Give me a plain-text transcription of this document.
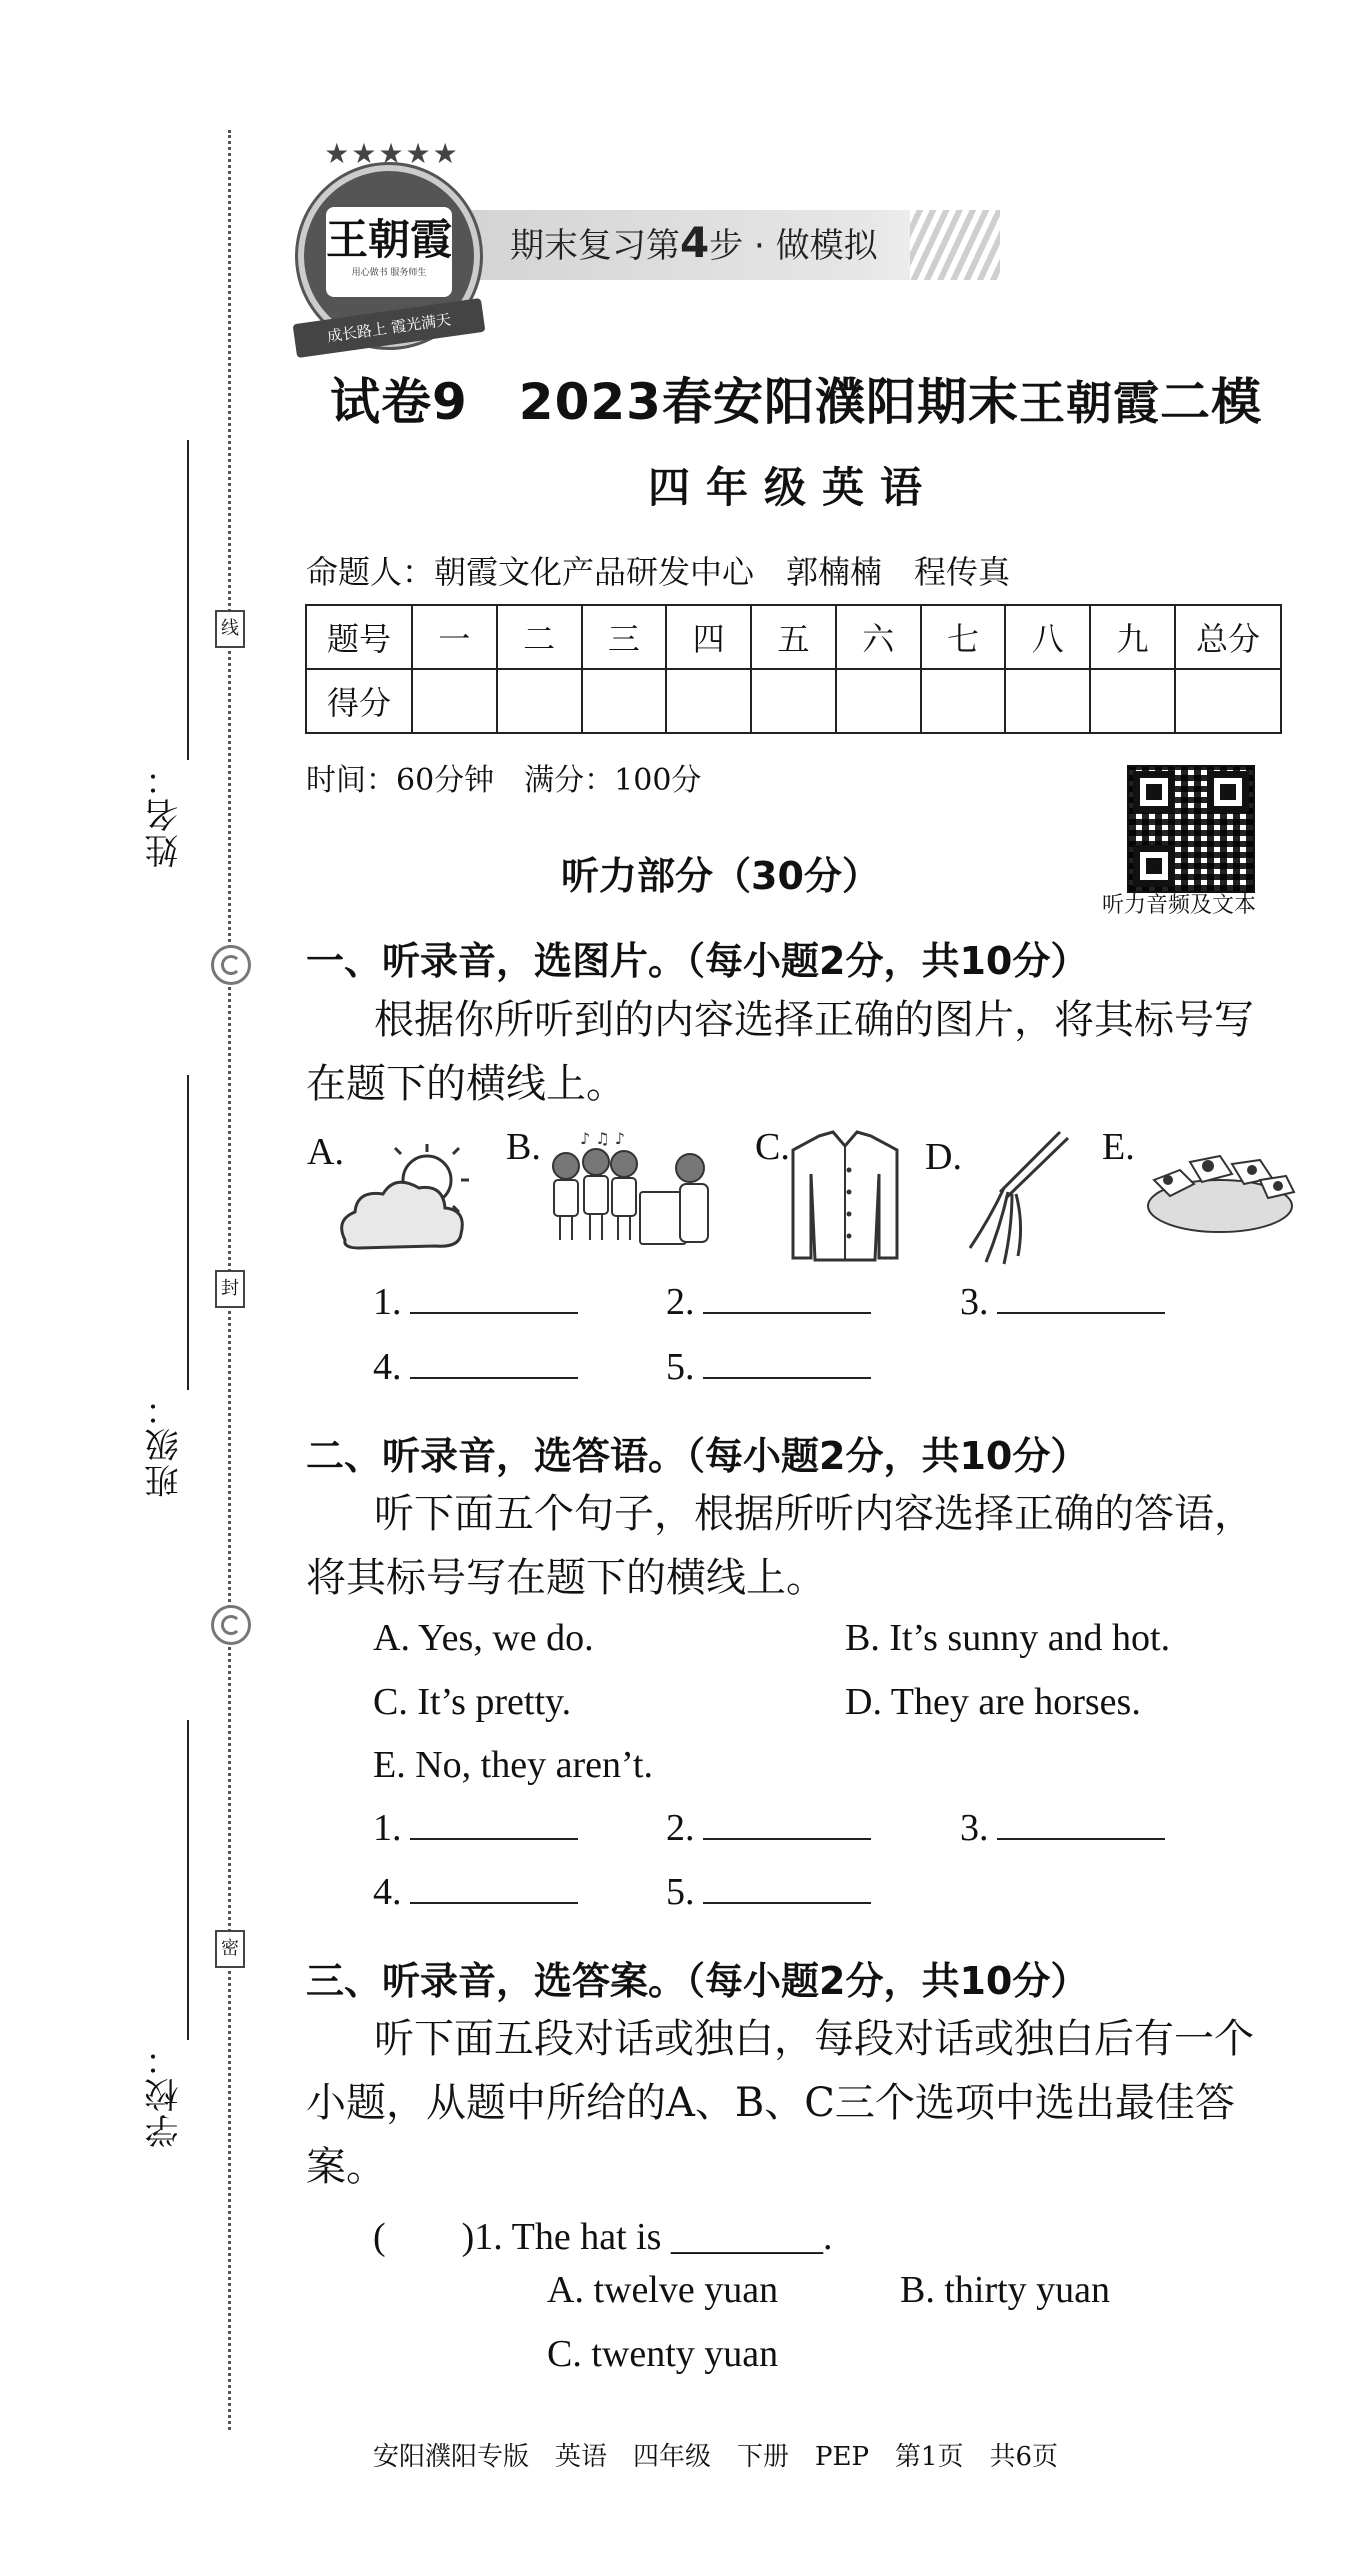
姓名：
班级：
学校：
线
封
密
期末复习第4步 · 做模拟
★★★★★
王朝霞
用心做书 服务师生
成长路上 霞光满天
试卷9　2023春安阳濮阳期末王朝霞二模
四年级英语
命题人：朝霞文化产品研发中心　郭楠楠　程传真
题号	一	二	三	四	五	六	七	八	九	总分
得分										
时间：60分钟　满分：100分
听力音频及文本
听力部分（30分）
一、听录音，选图片。（每小题2分，共10分）
根据你所听到的内容选择正确的图片，将其标号写在题下的横线上。
A.	B. ♪ ♫ ♪	C.	D.	E.
1.	2.	3.
4.	5.
二、听录音，选答语。（每小题2分，共10分）
听下面五个句子，根据所听内容选择正确的答语，将其标号写在题下的横线上。
A. Yes, we do.	B. It’s sunny and hot.
C. It’s pretty.	D. They are horses.
E. No, they aren’t.
1.	2.	3.
4.	5.
三、听录音，选答案。（每小题2分，共10分）
听下面五段对话或独白，每段对话或独白后有一个小题，从题中所给的A、B、C三个选项中选出最佳答案。
(　　)1. The hat is ________.
A. twelve yuan	B. thirty yuan
C. twenty yuan
安阳濮阳专版　英语　四年级　下册　PEP　第1页　共6页
